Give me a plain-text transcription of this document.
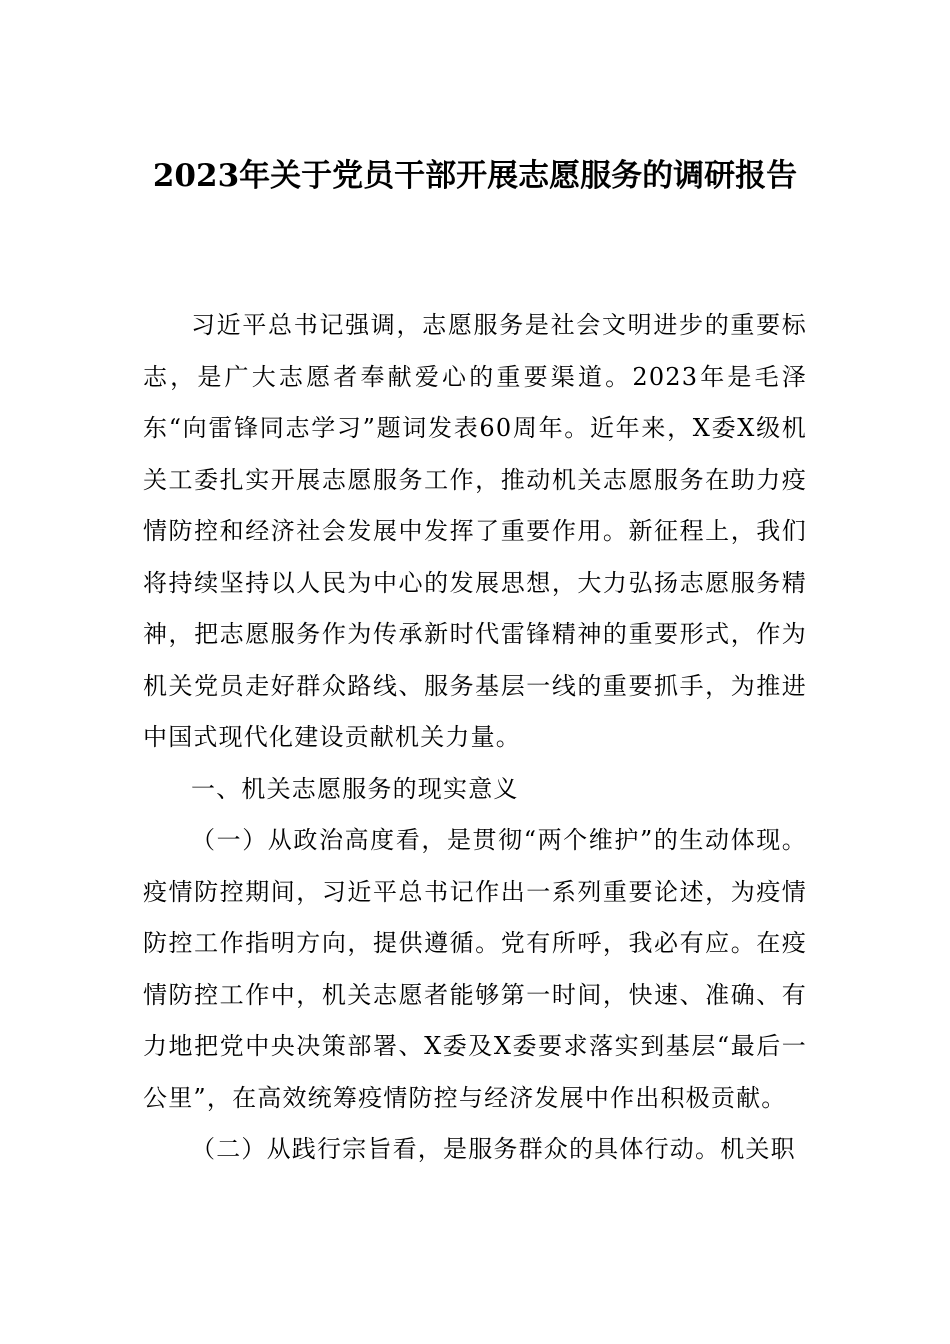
2023年关于党员干部开展志愿服务的调研报告

习近平总书记强调，志愿服务是社会文明进步的重要标志，是广大志愿者奉献爱心的重要渠道。2023年是毛泽东“向雷锋同志学习”题词发表60周年。近年来，X委X级机关工委扎实开展志愿服务工作，推动机关志愿服务在助力疫情防控和经济社会发展中发挥了重要作用。新征程上，我们将持续坚持以人民为中心的发展思想，大力弘扬志愿服务精神，把志愿服务作为传承新时代雷锋精神的重要形式，作为机关党员走好群众路线、服务基层一线的重要抓手，为推进中国式现代化建设贡献机关力量。

一、机关志愿服务的现实意义

（一）从政治高度看，是贯彻“两个维护”的生动体现。疫情防控期间，习近平总书记作出一系列重要论述，为疫情防控工作指明方向，提供遵循。党有所呼，我必有应。在疫情防控工作中，机关志愿者能够第一时间，快速、准确、有力地把党中央决策部署、X委及X委要求落实到基层“最后一公里”，在高效统筹疫情防控与经济发展中作出积极贡献。

（二）从践行宗旨看，是服务群众的具体行动。机关职
